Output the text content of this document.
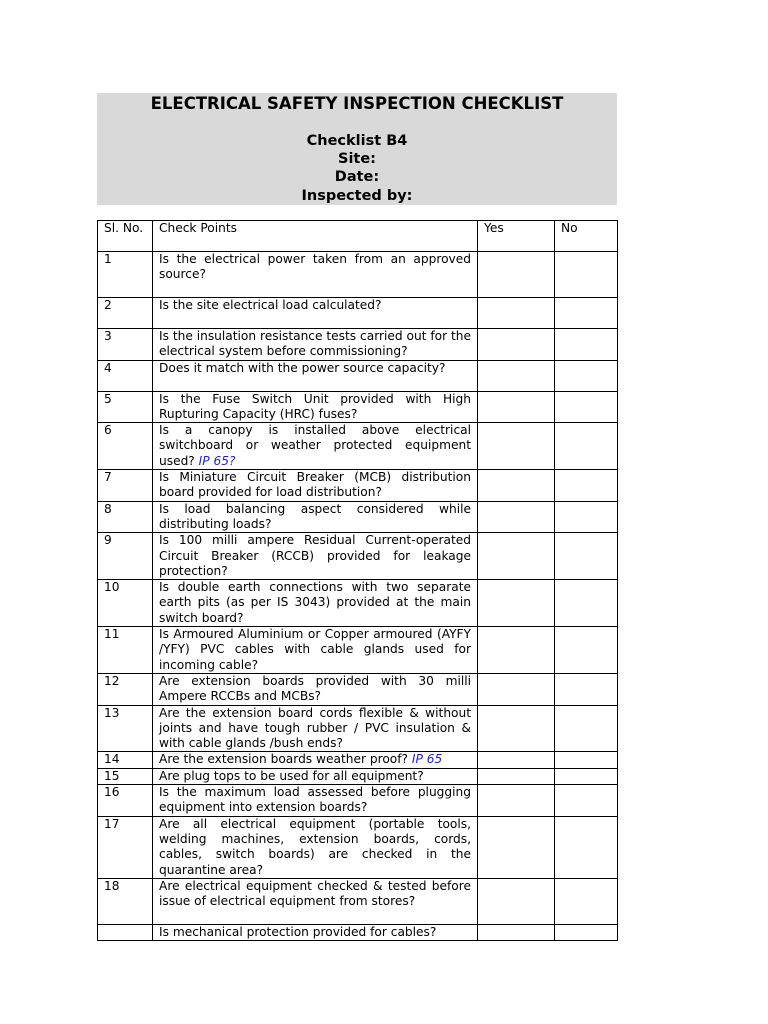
ELECTRICAL SAFETY INSPECTION CHECKLIST
Checklist B4
Site:
Date:
Inspected by:
Sl. No.	Check Points	Yes	No
1	Is the electrical power taken from an approved source?		
2	Is the site electrical load calculated?		
3	Is the insulation resistance tests carried out for the electrical system before commissioning?		
4	Does it match with the power source capacity?		
5	Is the Fuse Switch Unit provided with High Rupturing Capacity (HRC) fuses?		
6	Is a canopy is installed above electrical switchboard or weather protected equipment used? IP 65?		
7	Is Miniature Circuit Breaker (MCB) distribution board provided for load distribution?		
8	Is load balancing aspect considered while distributing loads?		
9	Is 100 milli ampere Residual Current-operated Circuit Breaker (RCCB) provided for leakage protection?		
10	Is double earth connections with two separate earth pits (as per IS 3043) provided at the main switch board?		
11	Is Armoured Aluminium or Copper armoured (AYFY /YFY) PVC cables with cable glands used for incoming cable?		
12	Are extension boards provided with 30 milli Ampere RCCBs and MCBs?		
13	Are the extension board cords flexible & without joints and have tough rubber / PVC insulation & with cable glands /bush ends?		
14	Are the extension boards weather proof? IP 65		
15	Are plug tops to be used for all equipment?		
16	Is the maximum load assessed before plugging equipment into extension boards?		
17	Are all electrical equipment (portable tools, welding machines, extension boards, cords, cables, switch boards) are checked in the quarantine area?		
18	Are electrical equipment checked & tested before issue of electrical equipment from stores?		
	Is mechanical protection provided for cables?		
